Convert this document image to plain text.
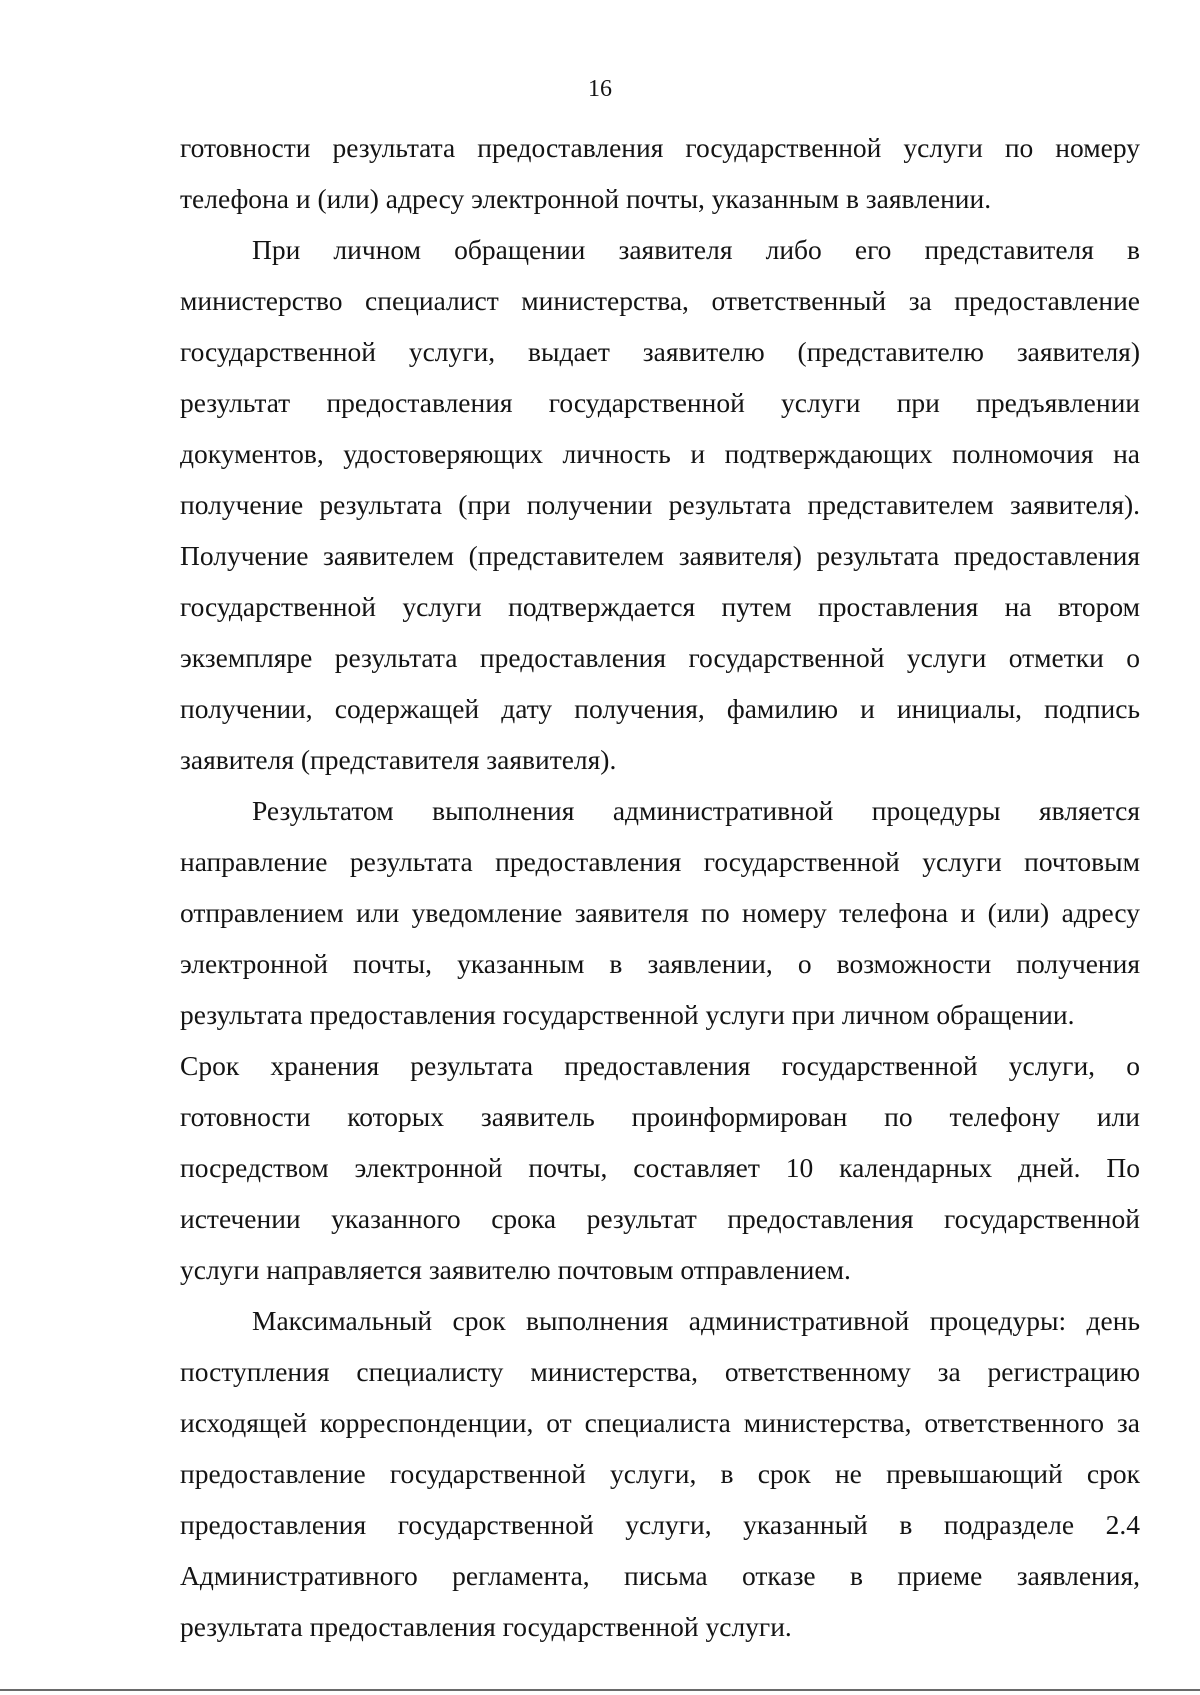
16
готовности результата предоставления государственной услуги по номеру
телефона и (или) адресу электронной почты, указанным в заявлении.
При личном обращении заявителя либо его представителя в
министерство специалист министерства, ответственный за предоставление
государственной услуги, выдает заявителю (представителю заявителя)
результат предоставления государственной услуги при предъявлении
документов, удостоверяющих личность и подтверждающих полномочия на
получение результата (при получении результата представителем заявителя).
Получение заявителем (представителем заявителя) результата предоставления
государственной услуги подтверждается путем проставления на втором
экземпляре результата предоставления государственной услуги отметки о
получении, содержащей дату получения, фамилию и инициалы, подпись
заявителя (представителя заявителя).
Результатом выполнения административной процедуры является
направление результата предоставления государственной услуги почтовым
отправлением или уведомление заявителя по номеру телефона и (или) адресу
электронной почты, указанным в заявлении, о возможности получения
результата предоставления государственной услуги при личном обращении.
Срок хранения результата предоставления государственной услуги, о
готовности которых заявитель проинформирован по телефону или
посредством электронной почты, составляет 10 календарных дней. По
истечении указанного срока результат предоставления государственной
услуги направляется заявителю почтовым отправлением.
Максимальный срок выполнения административной процедуры: день
поступления специалисту министерства, ответственному за регистрацию
исходящей корреспонденции, от специалиста министерства, ответственного за
предоставление государственной услуги, в срок не превышающий срок
предоставления государственной услуги, указанный в подразделе 2.4
Административного регламента, письма отказе в приеме заявления,
результата предоставления государственной услуги.
